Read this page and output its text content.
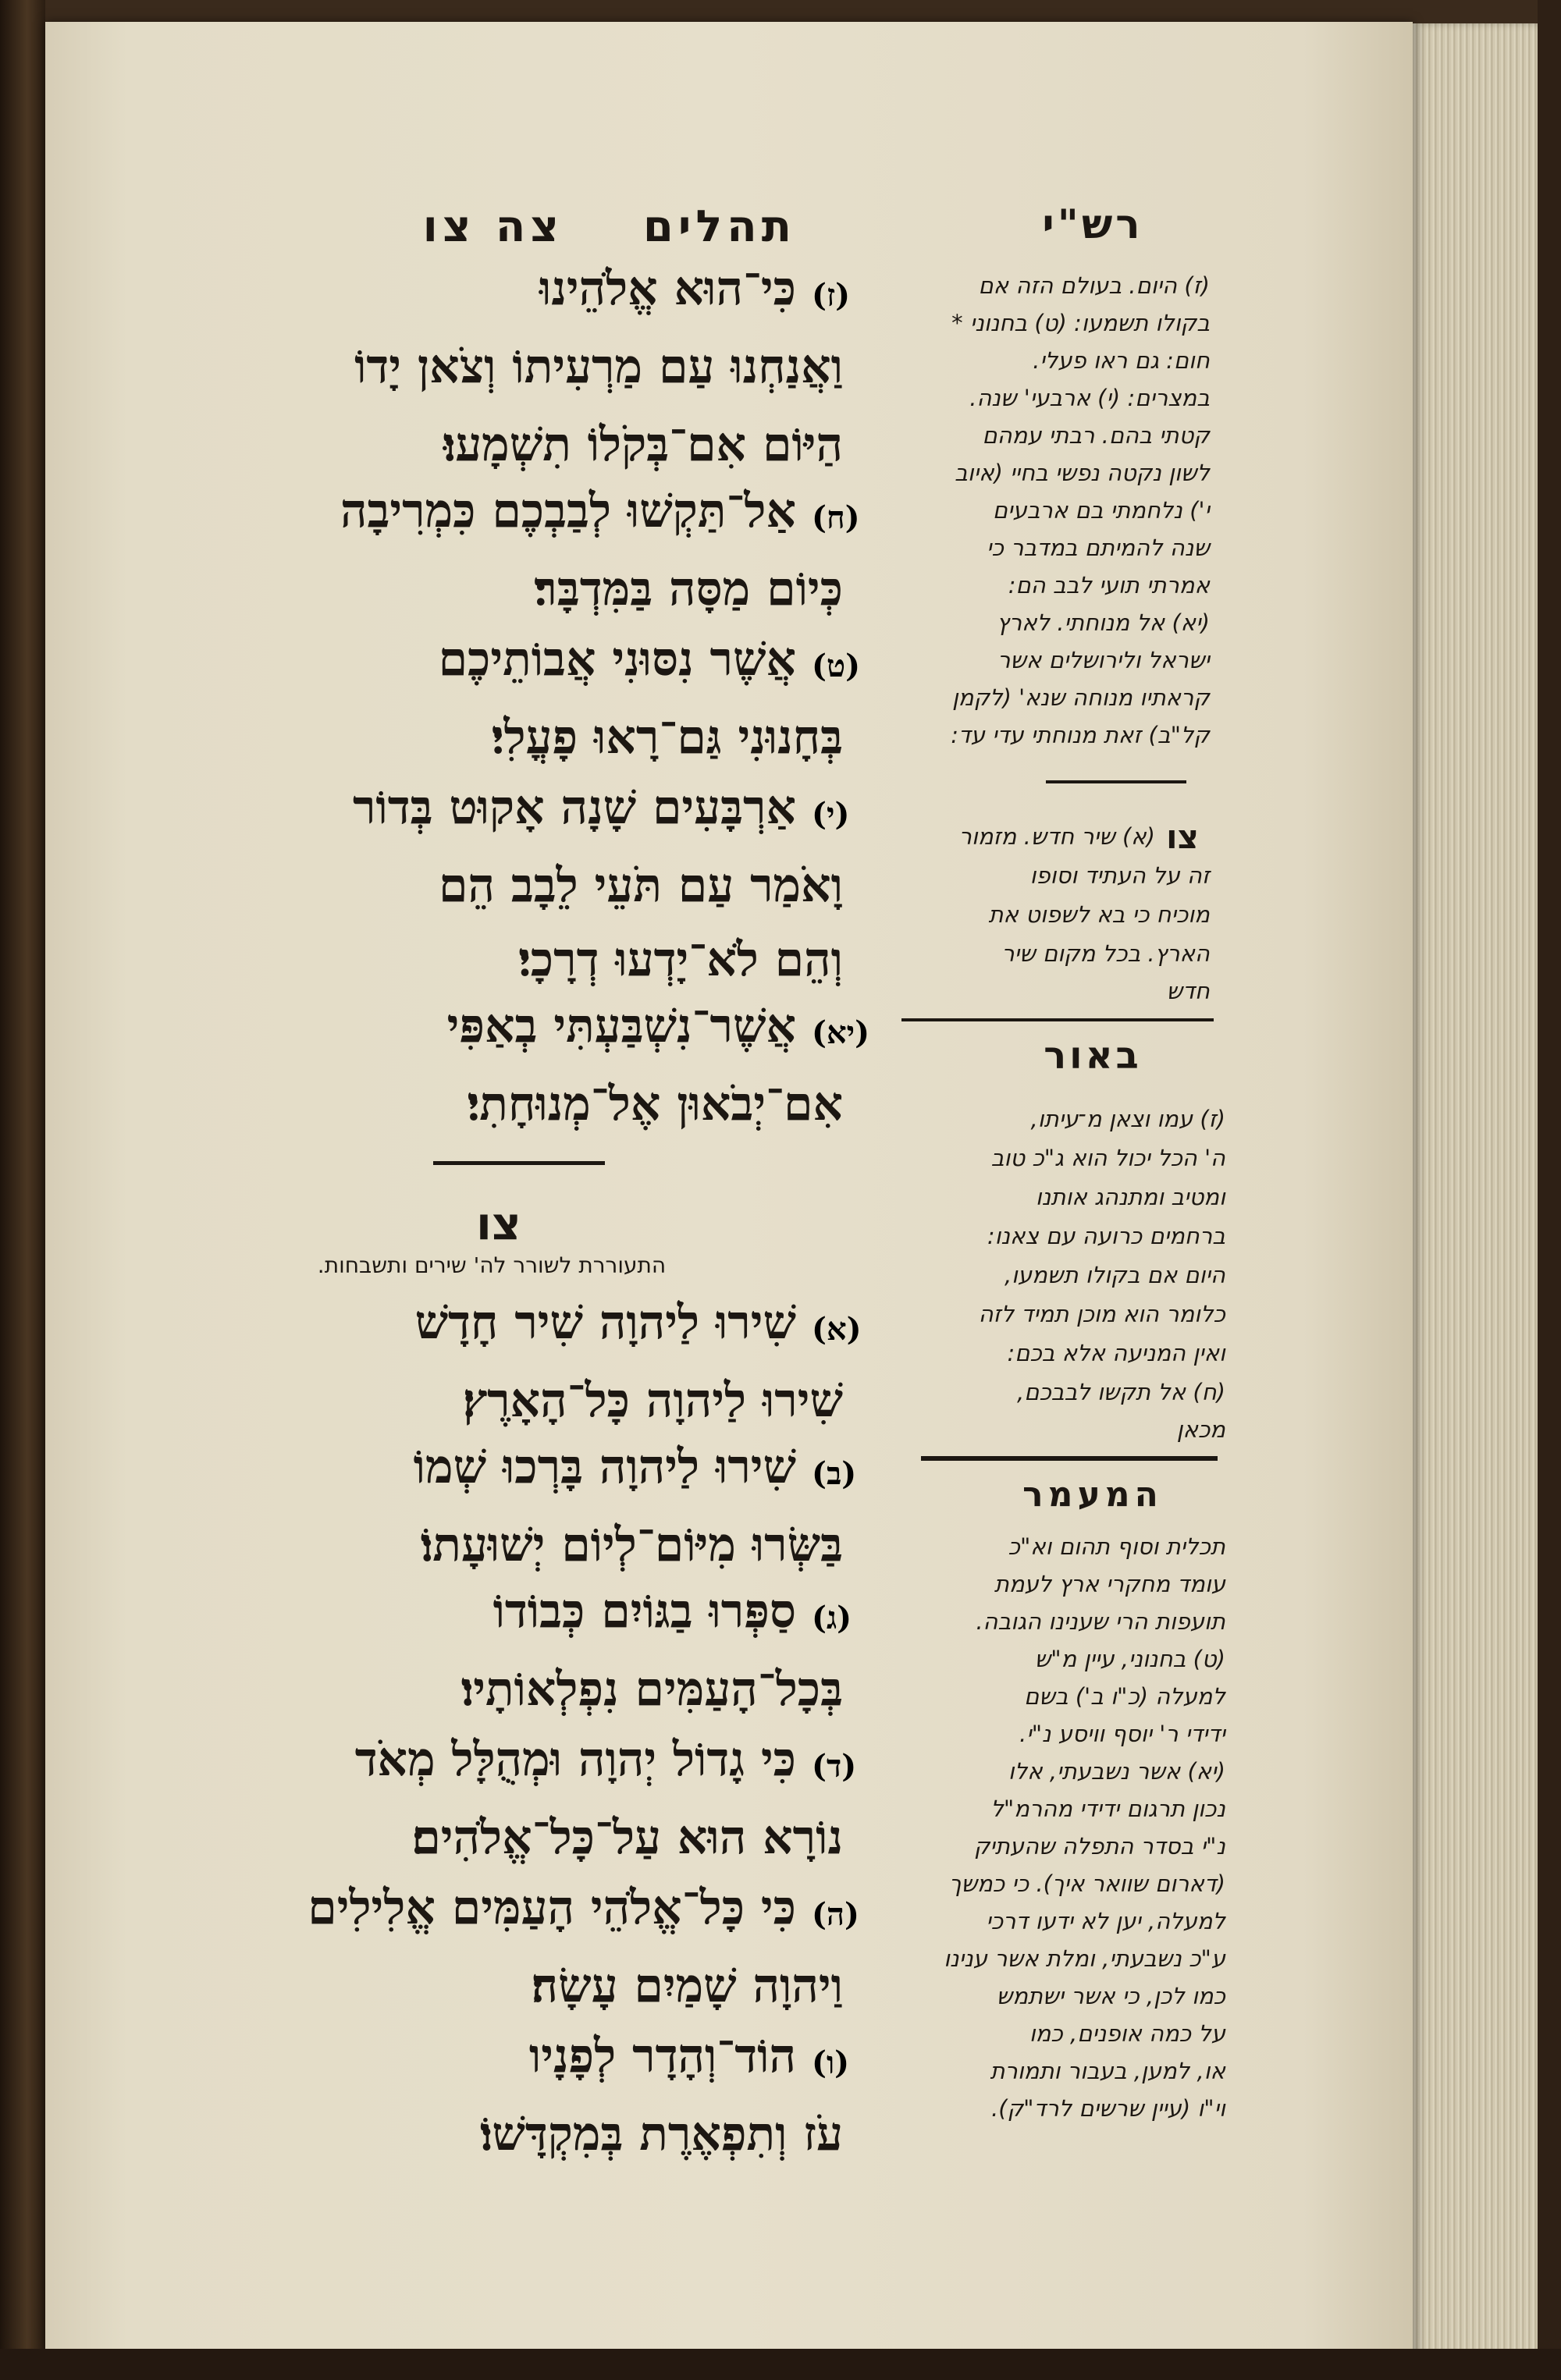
תהלים    צה צו
(ז)
כִּי־הוּא אֱלֹהֵינוּ
וַאֲנַחְנוּ עַם מַרְעִיתוֹ וְצֹאן יָדוֹ
הַיּוֹם אִם־בְּקֹלוֹ תִשְׁמָעוּ׃
(ח)
אַל־תַּקְשׁוּ לְבַבְכֶם כִּמְרִיבָה
כְּיוֹם מַסָּה בַּמִּדְבָּר׃
(ט)
אֲשֶׁר נִסּוּנִי אֲבוֹתֵיכֶם
בְּחָנוּנִי גַּם־רָאוּ פָעֳלִי׃
(י)
אַרְבָּעִים שָׁנָה אָקוּט בְּדוֹר
וָאֹמַר עַם תֹּעֵי לֵבָב הֵם
וְהֵם לֹא־יָדְעוּ דְרָכָי׃
(יא)
אֲשֶׁר־נִשְׁבַּעְתִּי בְאַפִּי
אִם־יְבֹאוּן אֶל־מְנוּחָתִי׃
צו
התעוררת לשורר לה' שירים ותשבחות.
(א)
שִׁירוּ לַיהוָה שִׁיר חָדָשׁ
שִׁירוּ לַיהוָה כָּל־הָאָרֶץ׃
(ב)
שִׁירוּ לַיהוָה בָּרְכוּ שְׁמוֹ
בַּשְּׂרוּ מִיּוֹם־לְיוֹם יְשׁוּעָתוֹ׃
(ג)
סַפְּרוּ בַגּוֹיִם כְּבוֹדוֹ
בְּכָל־הָעַמִּים נִפְלְאוֹתָיו׃
(ד)
כִּי גָדוֹל יְהוָה וּמְהֻלָּל מְאֹד
נוֹרָא הוּא עַל־כָּל־אֱלֹהִים׃
(ה)
כִּי כָּל־אֱלֹהֵי הָעַמִּים אֱלִילִים
וַיהוָה שָׁמַיִם עָשָׂה׃
(ו)
הוֹד־וְהָדָר לְפָנָיו
עֹז וְתִפְאֶרֶת בְּמִקְדָּשׁוֹ׃
רש"י
(ז) היום. בעולם הזה אם
בקולו תשמעו: (ט) בחנוני *
חום: גם ראו פעלי.
במצרים: (י) ארבעי' שנה.
קטתי בהם. רבתי עמהם
לשון נקטה נפשי בחיי (איוב
י') נלחמתי בם ארבעים
שנה להמיתם במדבר כי
אמרתי תועי לבב הם:
(יא) אל מנוחתי. לארץ
ישראל ולירושלים אשר
קראתיו מנוחה שנא' (לקמן
קל"ב) זאת מנוחתי עדי עד:
צו
(א) שיר חדש. מזמור
זה על העתיד וסופו
מוכיח כי בא לשפוט את
הארץ. בכל מקום שיר
חדש
באור
(ז) עמו וצאן מ־עיתו,
ה' הכל יכול הוא ג"כ טוב
ומטיב ומתנהג אותנו
ברחמים כרועה עם צאנו:
היום אם בקולו תשמעו,
כלומר הוא מוכן תמיד לזה
ואין המניעה אלא בכם:
(ח) אל תקשו לבבכם,
מכאן
המעמר
תכלית וסוף תהום וא"כ
עומד מחקרי ארץ לעמת
תועפות הרי שענינו הגובה.
(ט) בחנוני, עיין מ"ש
למעלה (כ"ו ב') בשם
ידידי ר' יוסף וויסע נ"י.
(יא) אשר נשבעתי, אלו
נכון תרגום ידידי מהרמ"ל
נ"י בסדר התפלה שהעתיק
(דארום שוואר איך). כי כמשך
למעלה, יען לא ידעו דרכי
ע"כ נשבעתי, ומלת אשר ענינו
כמו לכן, כי אשר ישתמש
על כמה אופנים, כמו
או, למען, בעבור ותמורת
וי"ו (עיין שרשים לרד"ק).
